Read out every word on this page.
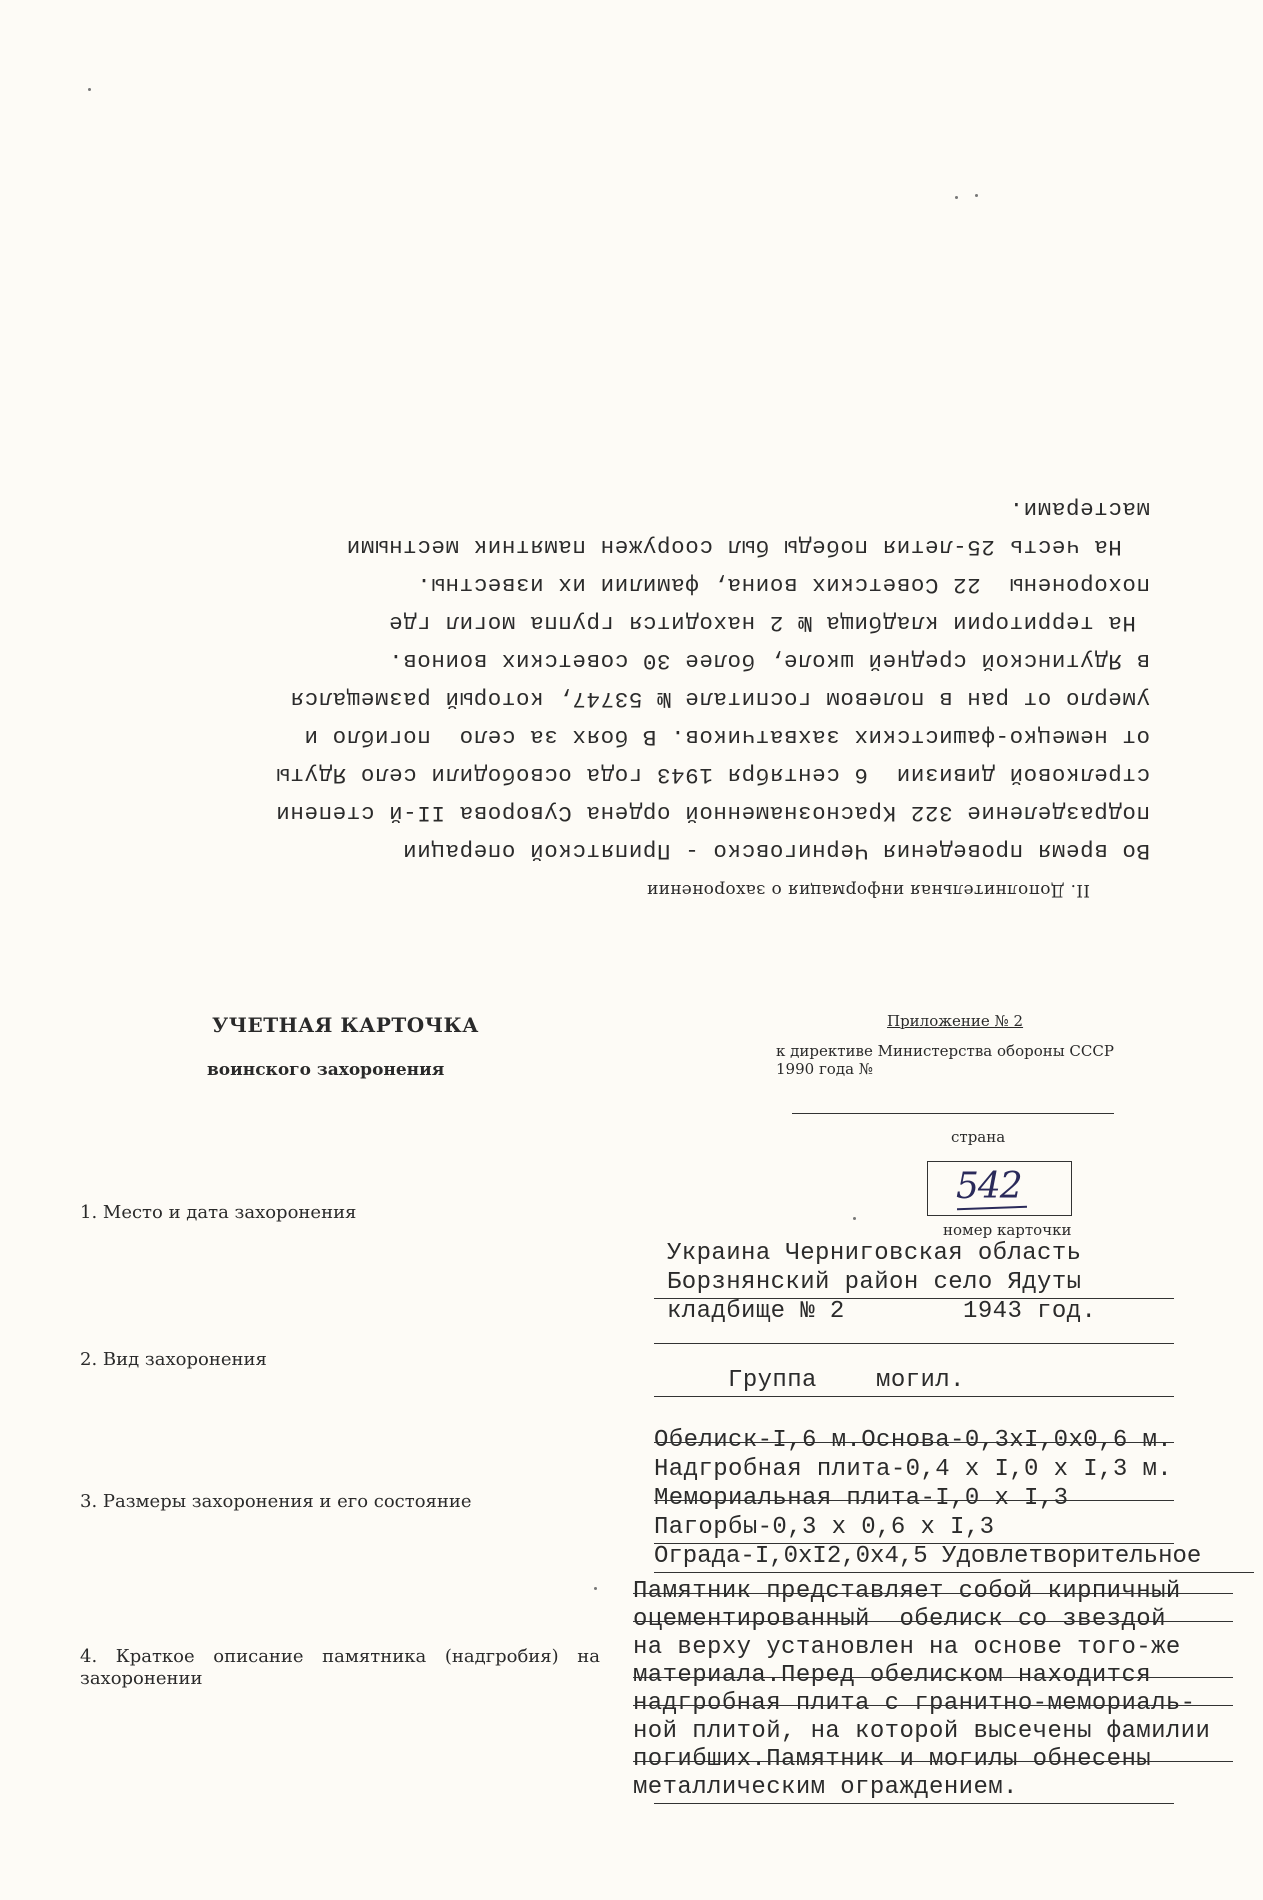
II. Дополнительная информация о захоронении
Во время проведения Черниговско - Припятской операции
подразделение 322 Краснознаменной ордена Суворова II-й степени
стрелковой дивизии  6 сентября 1943 года освободили село Ядуты
от немецко-фашистских захватчиков. В боях за село  погибло и
умерло от ран в полевом госпитале № 53747, который размещался
в Ядутинской средней школе, более 30 советских воинов.
На территории кладбища № 2 находится группа могил где
похоронены  22 Советских воина, фамилии их известны.
На честь 25-летия победы был сооружен памятник местными
мастерами.
УЧЕТНАЯ КАРТОЧКА
воинского захоронения
Приложение № 2
к директиве Министерства обороны СССР
1990 года №
страна
542
номер карточки
1. Место и дата захоронения
Украина Черниговская область
Борзнянский район село Ядуты
кладбище № 2        1943 год.
2. Вид захоронения
Группа    могил.
3. Размеры захоронения и его состояние
Обелиск-I,6 м.Основа-0,3хI,0х0,6 м.
Надгробная плита-0,4 х I,0 х I,3 м.
Мемориальная плита-I,0 х I,3
Пагорбы-0,3 х 0,6 х I,3
Ограда-I,0хI2,0х4,5 Удовлетворительное
4. Краткое описание памятника (надгробия) на захоронении
Памятник представляет собой кирпичный
оцементированный  обелиск со звездой
на верху установлен на основе того-же
материала.Перед обелиском находится
надгробная плита с гранитно-мемориаль-
ной плитой, на которой высечены фамилии
погибших.Памятник и могилы обнесены
металлическим ограждением.
